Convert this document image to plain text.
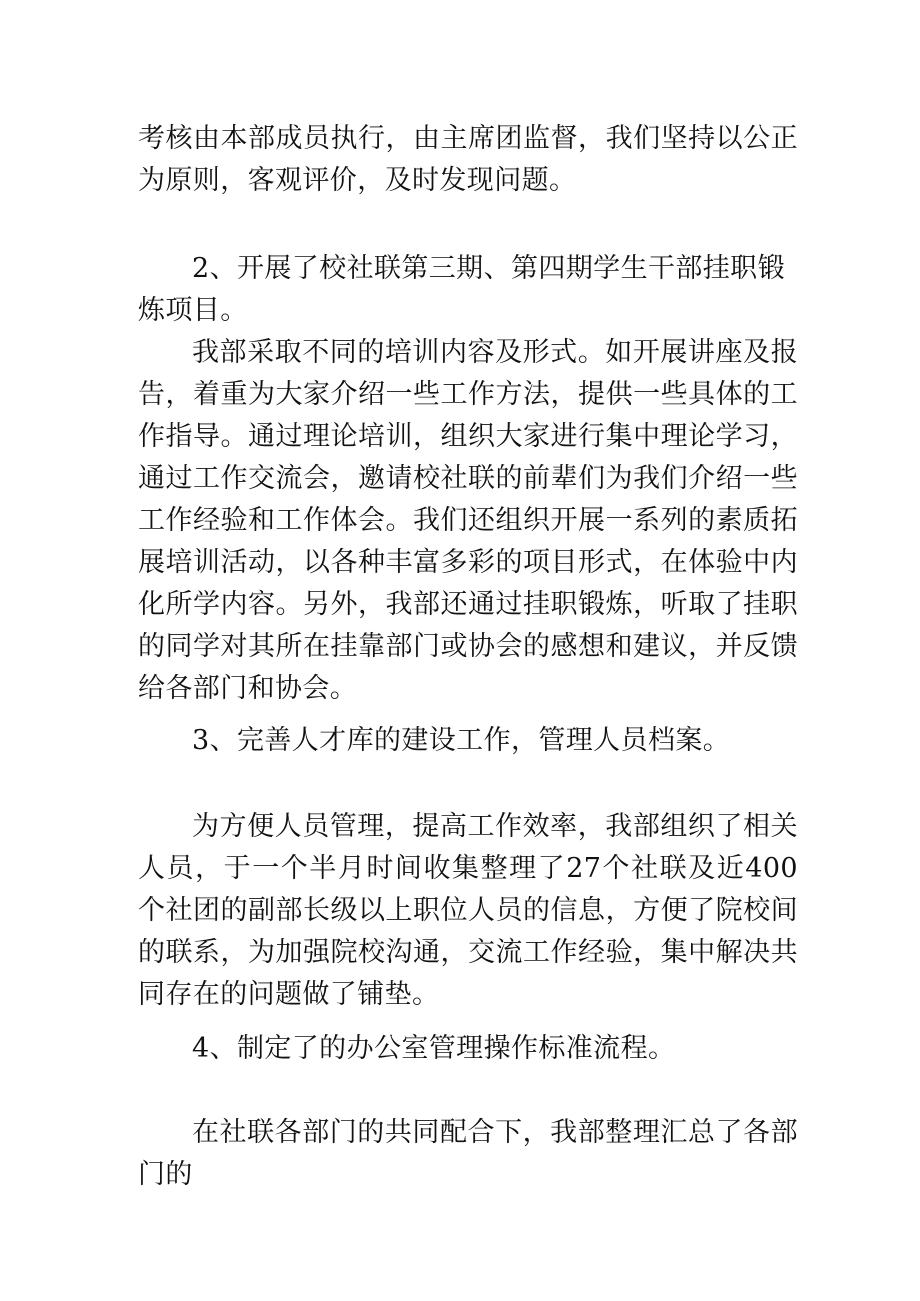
考核由本部成员执行，由主席团监督，我们坚持以公正为原则，客观评价，及时发现问题。

2、开展了校社联第三期、第四期学生干部挂职锻炼项目。

我部采取不同的培训内容及形式。如开展讲座及报告，着重为大家介绍一些工作方法，提供一些具体的工作指导。通过理论培训，组织大家进行集中理论学习，通过工作交流会，邀请校社联的前辈们为我们介绍一些工作经验和工作体会。我们还组织开展一系列的素质拓展培训活动，以各种丰富多彩的项目形式，在体验中内化所学内容。另外，我部还通过挂职锻炼，听取了挂职的同学对其所在挂靠部门或协会的感想和建议，并反馈给各部门和协会。

3、完善人才库的建设工作，管理人员档案。

为方便人员管理，提高工作效率，我部组织了相关人员，于一个半月时间收集整理了27个社联及近400个社团的副部长级以上职位人员的信息，方便了院校间的联系，为加强院校沟通，交流工作经验，集中解决共同存在的问题做了铺垫。

4、制定了的办公室管理操作标准流程。

在社联各部门的共同配合下，我部整理汇总了各部门的
